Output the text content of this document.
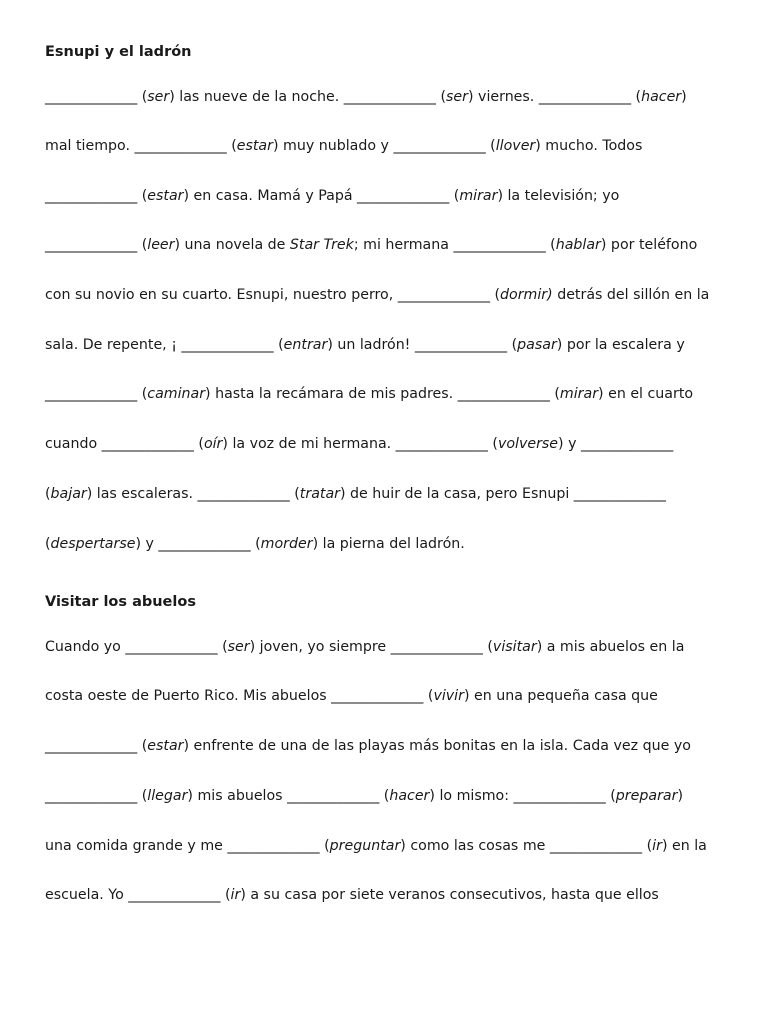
Esnupi y el ladrón

_____________ (ser) las nueve de la noche. _____________ (ser) viernes. _____________ (hacer)

mal tiempo. _____________ (estar) muy nublado y _____________ (llover) mucho. Todos

_____________ (estar) en casa. Mamá y Papá _____________ (mirar) la televisión; yo

_____________ (leer) una novela de Star Trek; mi hermana _____________ (hablar) por teléfono

con su novio en su cuarto. Esnupi, nuestro perro, _____________ (dormir) detrás del sillón en la

sala. De repente, ¡ _____________ (entrar) un ladrón! _____________ (pasar) por la escalera y

_____________ (caminar) hasta la recámara de mis padres. _____________ (mirar) en el cuarto

cuando _____________ (oír) la voz de mi hermana. _____________ (volverse) y _____________

(bajar) las escaleras. _____________ (tratar) de huir de la casa, pero Esnupi _____________

(despertarse) y _____________ (morder) la pierna del ladrón.

Visitar los abuelos

Cuando yo _____________ (ser) joven, yo siempre _____________ (visitar) a mis abuelos en la

costa oeste de Puerto Rico. Mis abuelos _____________ (vivir) en una pequeña casa que

_____________ (estar) enfrente de una de las playas más bonitas en la isla. Cada vez que yo

_____________ (llegar) mis abuelos _____________ (hacer) lo mismo: _____________ (preparar)

una comida grande y me _____________ (preguntar) como las cosas me _____________ (ir) en la

escuela. Yo _____________ (ir) a su casa por siete veranos consecutivos, hasta que ellos
